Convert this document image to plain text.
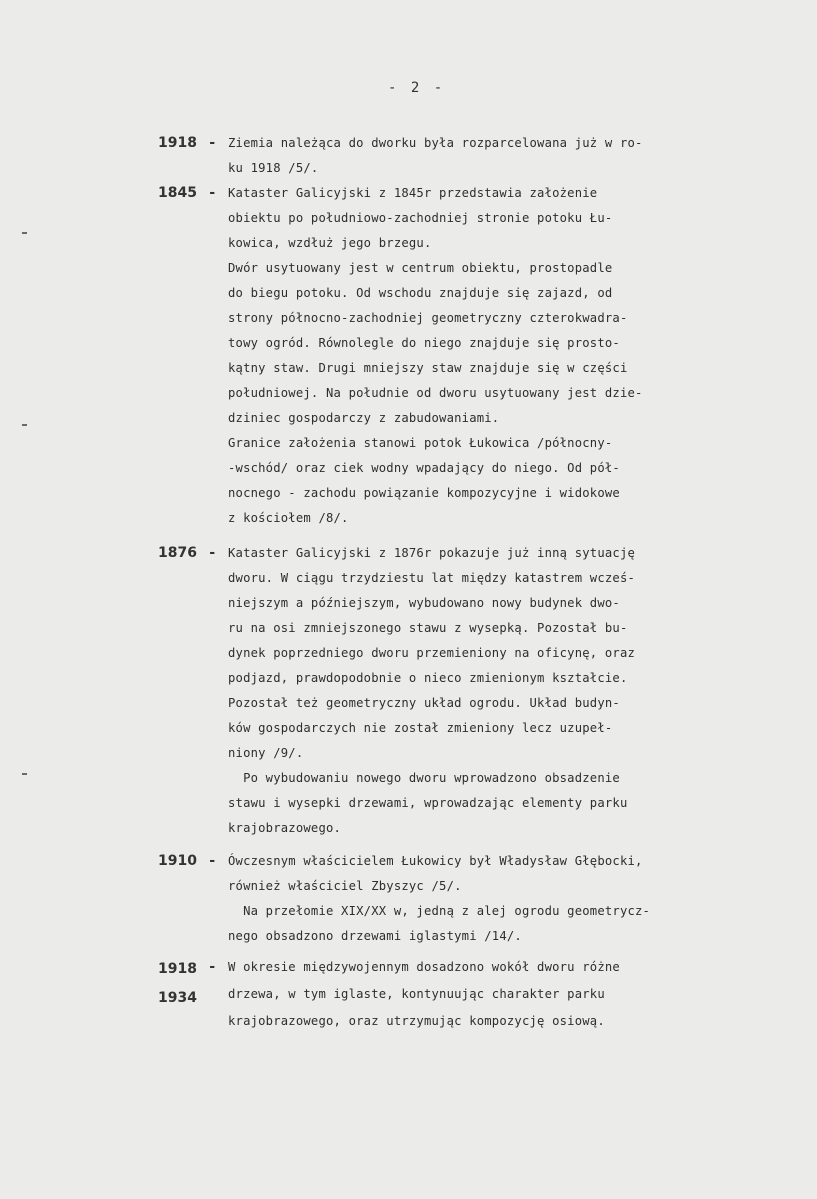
- 2 -
1918 - Ziemia należąca do dworku była rozparcelowana już w ro-
ku 1918 /5/.
1845 - Kataster Galicyjski z 1845r przedstawia założenie
obiektu po południowo-zachodniej stronie potoku Łu-
kowica, wzdłuż jego brzegu.
Dwór usytuowany jest w centrum obiektu, prostopadle
do biegu potoku. Od wschodu znajduje się zajazd, od
strony północno-zachodniej geometryczny czterokwadra-
towy ogród. Równolegle do niego znajduje się prosto-
kątny staw. Drugi mniejszy staw znajduje się w części
południowej. Na południe od dworu usytuowany jest dzie-
dziniec gospodarczy z zabudowaniami.
Granice założenia stanowi potok Łukowica /północny-
-wschód/ oraz ciek wodny wpadający do niego. Od pół-
nocnego - zachodu powiązanie kompozycyjne i widokowe
z kościołem /8/.
1876 - Kataster Galicyjski z 1876r pokazuje już inną sytuację
dworu. W ciągu trzydziestu lat między katastrem wcześ-
niejszym a późniejszym, wybudowano nowy budynek dwo-
ru na osi zmniejszonego stawu z wysepką. Pozostał bu-
dynek poprzedniego dworu przemieniony na oficynę, oraz
podjazd, prawdopodobnie o nieco zmienionym kształcie.
Pozostał też geometryczny układ ogrodu. Układ budyn-
ków gospodarczych nie został zmieniony lecz uzupeł-
niony /9/.
Po wybudowaniu nowego dworu wprowadzono obsadzenie
stawu i wysepki drzewami, wprowadzając elementy parku
krajobrazowego.
1910 - Ówczesnym właścicielem Łukowicy był Władysław Głębocki,
również właściciel Zbyszyc /5/.
Na przełomie XIX/XX w, jedną z alej ogrodu geometrycz-
nego obsadzono drzewami iglastymi /14/.
1918
1934
- W okresie międzywojennym dosadzono wokół dworu różne
drzewa, w tym iglaste, kontynuując charakter parku
krajobrazowego, oraz utrzymując kompozycję osiową.
